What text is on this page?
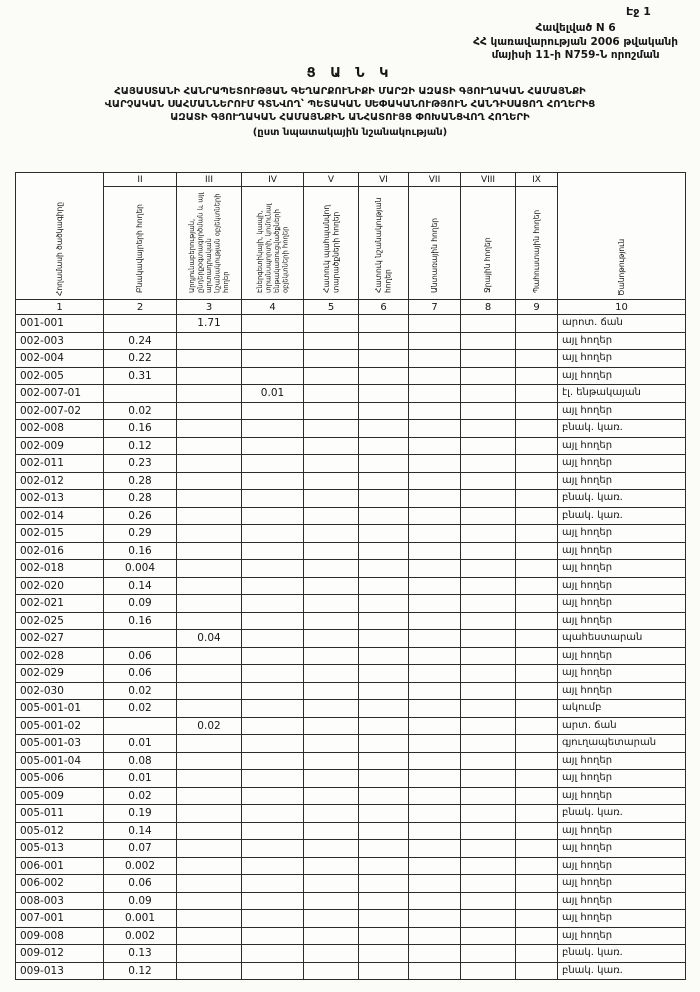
Էջ 1
Հավելված N 6
ՀՀ կառավարության 2006 թվականի
մայիսի 11-ի N759-Ն որոշման
Ց Ա Ն Կ
ՀԱՅԱՍՏԱՆԻ ՀԱՆՐԱՊԵՏՈՒԹՅԱՆ ԳԵՂԱՐՔՈՒՆԻՔԻ ՄԱՐԶԻ ԱԶԱՏԻ ԳՅՈՒՂԱԿԱՆ ՀԱՄԱՅՆՔԻ
ՎԱՐՉԱԿԱՆ ՍԱՀՄԱՆՆԵՐՈՒՄ ԳՏՆՎՈՂ՝ ՊԵՏԱԿԱՆ ՍԵՓԱԿԱՆՈՒԹՅՈՒՆ ՀԱՆԴԻՍԱՑՈՂ ՀՈՂԵՐԻՑ
ԱԶԱՏԻ ԳՅՈՒՂԱԿԱՆ ՀԱՄԱՅՆՔԻՆ ԱՆՀԱՏՈՒՅՑ ՓՈԽԱՆՑՎՈՂ ՀՈՂԵՐԻ
(ըստ նպատակային նշանակության)
Հողամասի ծածկագիրը	II	III	IV	V	VI	VII	VIII	IX	Ծանոթություն
	Բնակավայրերի հողեր	Արդյունաբերության, ընդերքօգտագործման և այլ արտադրական նշանակության օբյեկտների հողեր	Էներգետիկայի, կապի, տրանսպորտի, կոմունալ ենթակառուցվածքների օբյեկտների հողեր	Հատուկ պահպանվող տարածքների հողեր	Հատուկ նշանակության հողեր	Անտառային հողեր	Ջրային հողեր	Պահուստային հողեր	
1	2	3	4	5	6	7	8	9	10
001-001		1.71							արոտ. ճան
002-003	0.24								այլ հողեր
002-004	0.22								այլ հողեր
002-005	0.31								այլ հողեր
002-007-01			0.01						էլ. ենթակայան
002-007-02	0.02								այլ հողեր
002-008	0.16								բնակ. կառ.
002-009	0.12								այլ հողեր
002-011	0.23								այլ հողեր
002-012	0.28								այլ հողեր
002-013	0.28								բնակ. կառ.
002-014	0.26								բնակ. կառ.
002-015	0.29								այլ հողեր
002-016	0.16								այլ հողեր
002-018	0.004								այլ հողեր
002-020	0.14								այլ հողեր
002-021	0.09								այլ հողեր
002-025	0.16								այլ հողեր
002-027		0.04							պահեստարան
002-028	0.06								այլ հողեր
002-029	0.06								այլ հողեր
002-030	0.02								այլ հողեր
005-001-01	0.02								ակումբ
005-001-02		0.02							արտ. ճան
005-001-03	0.01								գյուղապետարան
005-001-04	0.08								այլ հողեր
005-006	0.01								այլ հողեր
005-009	0.02								այլ հողեր
005-011	0.19								բնակ. կառ.
005-012	0.14								այլ հողեր
005-013	0.07								այլ հողեր
006-001	0.002								այլ հողեր
006-002	0.06								այլ հողեր
008-003	0.09								այլ հողեր
007-001	0.001								այլ հողեր
009-008	0.002								այլ հողեր
009-012	0.13								բնակ. կառ.
009-013	0.12								բնակ. կառ.
